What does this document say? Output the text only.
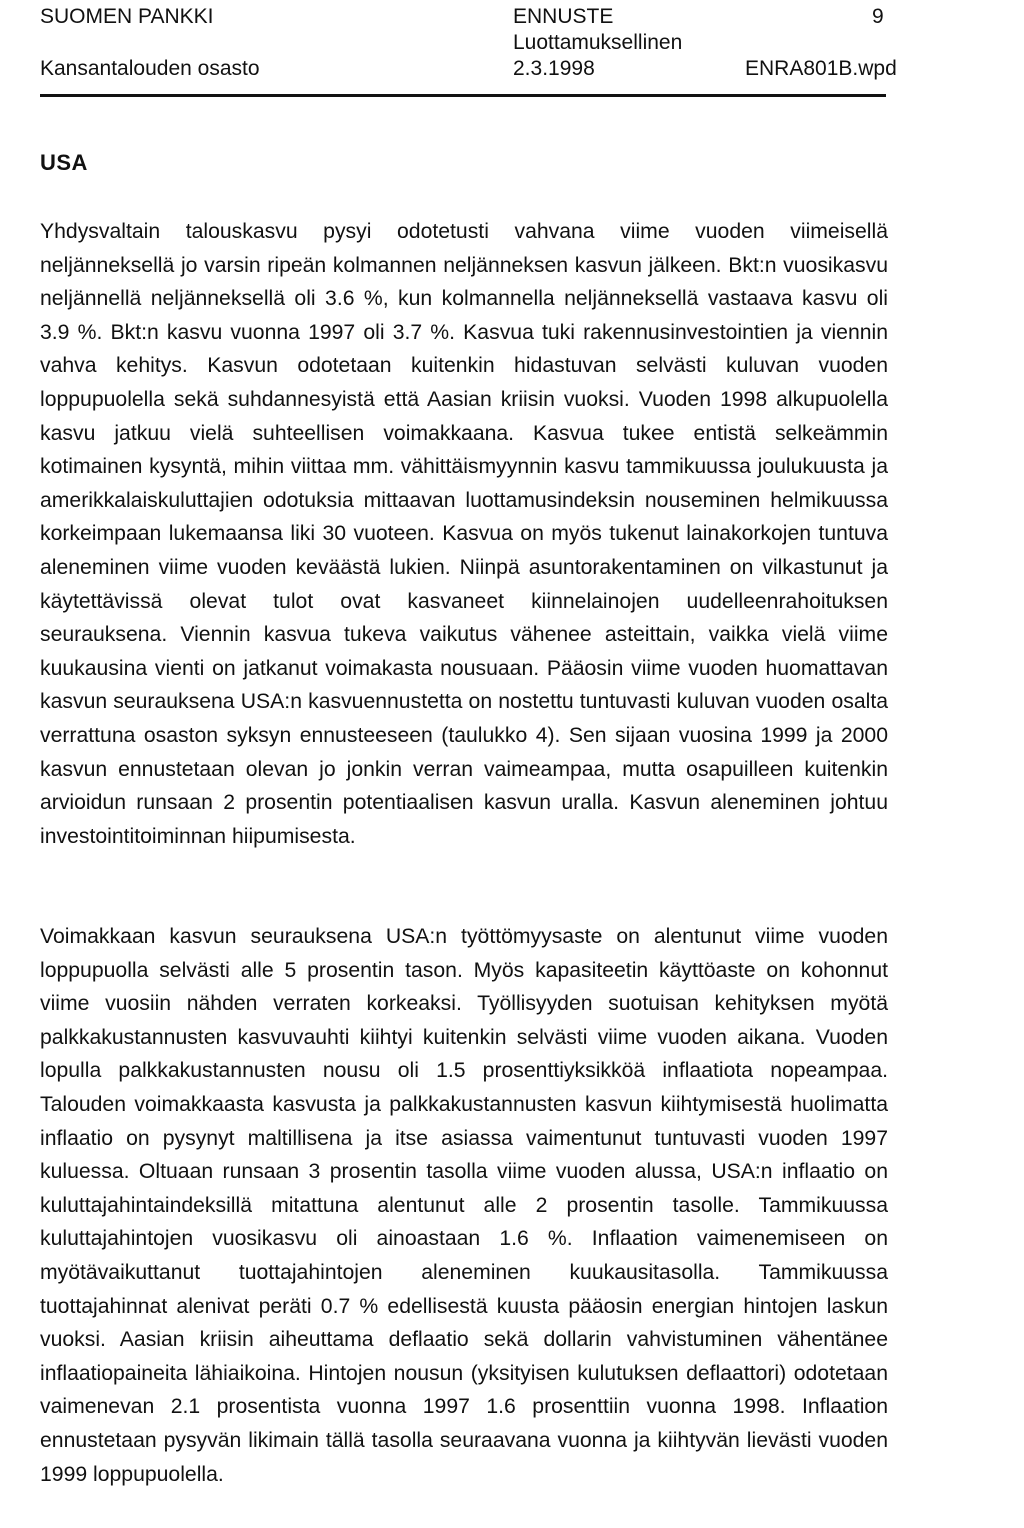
SUOMEN PANKKI
Kansantalouden osasto
ENNUSTE
Luottamuksellinen
2.3.1998
9
ENRA801B.wpd
USA

Yhdysvaltain talouskasvu pysyi odotetusti vahvana viime vuoden viimeisellä neljänneksellä jo varsin ripeän kolmannen neljänneksen kasvun jälkeen. Bkt:n vuosikasvu neljännellä neljänneksellä oli 3.6 %, kun kolmannella neljänneksellä vastaava kasvu oli 3.9 %. Bkt:n kasvu vuonna 1997 oli 3.7 %. Kasvua tuki rakennusinvestointien ja viennin vahva kehitys. Kasvun odotetaan kuitenkin hidastuvan selvästi kuluvan vuoden loppupuolella sekä suhdannesyistä että Aasian kriisin vuoksi. Vuoden 1998 alkupuolella kasvu jatkuu vielä suhteellisen voimakkaana. Kasvua tukee entistä selkeämmin kotimainen kysyntä, mihin viittaa mm. vähittäismyynnin kasvu tammikuussa joulukuusta ja amerikkalaiskuluttajien odotuksia mittaavan luottamusindeksin nouseminen helmikuussa korkeimpaan lukemaansa liki 30 vuoteen. Kasvua on myös tukenut lainakorkojen tuntuva aleneminen viime vuoden keväästä lukien. Niinpä asuntorakentaminen on vilkastunut ja käytettävissä olevat tulot ovat kasvaneet kiinnelainojen uudelleenrahoituksen seurauksena. Viennin kasvua tukeva vaikutus vähenee asteittain, vaikka vielä viime kuukausina vienti on jatkanut voimakasta nousuaan. Pääosin viime vuoden huomattavan kasvun seurauksena USA:n kasvuennustetta on nostettu tuntuvasti kuluvan vuoden osalta verrattuna osaston syksyn ennusteeseen (taulukko 4). Sen sijaan vuosina 1999 ja 2000 kasvun ennustetaan olevan jo jonkin verran vaimeampaa, mutta osapuilleen kuitenkin arvioidun runsaan 2 prosentin potentiaalisen kasvun uralla. Kasvun aleneminen johtuu investointitoiminnan hiipumisesta.

Voimakkaan kasvun seurauksena USA:n työttömyysaste on alentunut viime vuoden loppupuolla selvästi alle 5 prosentin tason. Myös kapasiteetin käyttöaste on kohonnut viime vuosiin nähden verraten korkeaksi. Työllisyyden suotuisan kehityksen myötä palkkakustannusten kasvuvauhti kiihtyi kuitenkin selvästi viime vuoden aikana. Vuoden lopulla palkkakustannusten nousu oli 1.5 prosenttiyksikköä inflaatiota nopeampaa. Talouden voimakkaasta kasvusta ja palkkakustannusten kasvun kiihtymisestä huolimatta inflaatio on pysynyt maltillisena ja itse asiassa vaimentunut tuntuvasti vuoden 1997 kuluessa. Oltuaan runsaan 3 prosentin tasolla viime vuoden alussa, USA:n inflaatio on kuluttajahintaindeksillä mitattuna alentunut alle 2 prosentin tasolle. Tammikuussa kuluttajahintojen vuosikasvu oli ainoastaan 1.6 %. Inflaation vaimenemiseen on myötävaikuttanut tuottajahintojen aleneminen kuukausitasolla. Tammikuussa tuottajahinnat alenivat peräti 0.7 % edellisestä kuusta pääosin energian hintojen laskun vuoksi. Aasian kriisin aiheuttama deflaatio sekä dollarin vahvistuminen vähentänee inflaatiopaineita lähiaikoina. Hintojen nousun (yksityisen kulutuksen deflaattori) odotetaan vaimenevan 2.1 prosentista vuonna 1997 1.6 prosenttiin vuonna 1998. Inflaation ennustetaan pysyvän likimain tällä tasolla seuraavana vuonna ja kiihtyvän lievästi vuoden 1999 loppupuolella.
